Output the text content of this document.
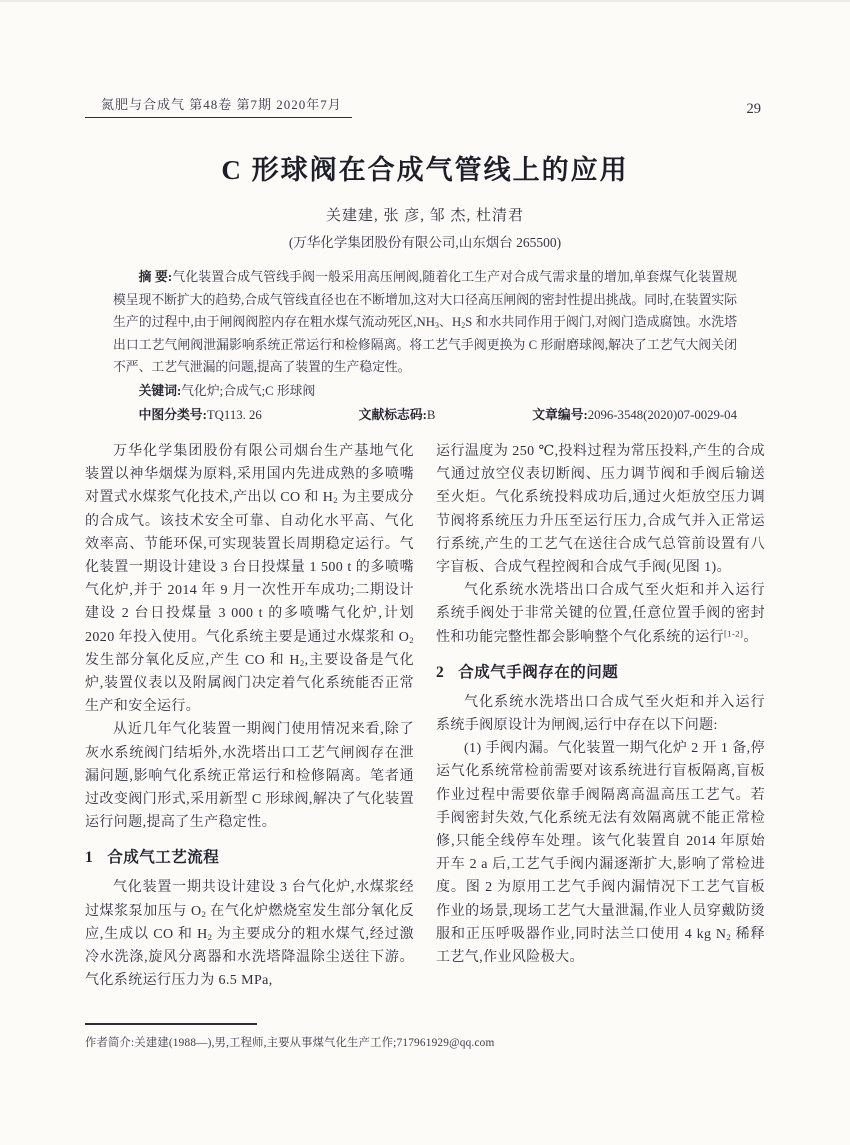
氮肥与合成气 第48卷 第7期 2020年7月	29
C 形球阀在合成气管线上的应用
关建建, 张 彦, 邹 杰, 杜清君
(万华化学集团股份有限公司,山东烟台 265500)

摘 要:气化装置合成气管线手阀一般采用高压闸阀,随着化工生产对合成气需求量的增加,单套煤气化装置规模呈现不断扩大的趋势,合成气管线直径也在不断增加,这对大口径高压闸阀的密封性提出挑战。同时,在装置实际生产的过程中,由于闸阀阀腔内存在粗水煤气流动死区$,NH_3$、$H_2S$ 和水共同作用于阀门,对阀门造成腐蚀。水洗塔出口工艺气闸阀泄漏影响系统正常运行和检修隔离。将工艺气手阀更换为 C 形耐磨球阀,解决了工艺气大阀关闭不严、工艺气泄漏的问题,提高了装置的生产稳定性。

关键词:气化炉;合成气;C 形球阀

中图分类号:TQ113. 26	文献标志码:B	文章编号:2096-3548(2020)07-0029-04

万华化学集团股份有限公司烟台生产基地气化装置以神华烟煤为原料,采用国内先进成熟的多喷嘴对置式水煤浆气化技术,产出以 CO 和 $H_2$ 为主要成分的合成气。该技术安全可靠、自动化水平高、气化效率高、节能环保,可实现装置长周期稳定运行。气化装置一期设计建设 3 台日投煤量 1 500 t 的多喷嘴气化炉,并于 2014 年 9 月一次性开车成功;二期设计建设 2 台日投煤量 3 000 t 的多喷嘴气化炉,计划 2020 年投入使用。气化系统主要是通过水煤浆和 $O_2$ 发生部分氧化反应,产生 CO 和 $H_2$,主要设备是气化炉,装置仪表以及附属阀门决定着气化系统能否正常生产和安全运行。

从近几年气化装置一期阀门使用情况来看,除了灰水系统阀门结垢外,水洗塔出口工艺气闸阀存在泄漏问题,影响气化系统正常运行和检修隔离。笔者通过改变阀门形式,采用新型 C 形球阀,解决了气化装置运行问题,提高了生产稳定性。

1 合成气工艺流程

气化装置一期共设计建设 3 台气化炉,水煤浆经过煤浆泵加压与 $O_2$ 在气化炉燃烧室发生部分氧化反应,生成以 CO 和 $H_2$ 为主要成分的粗水煤气,经过激冷水洗涤,旋风分离器和水洗塔降温除尘送往下游。气化系统运行压力为 6.5 MPa,

运行温度为 250 ℃,投料过程为常压投料,产生的合成气通过放空仪表切断阀、压力调节阀和手阀后输送至火炬。气化系统投料成功后,通过火炬放空压力调节阀将系统压力升压至运行压力,合成气并入正常运行系统,产生的工艺气在送往合成气总管前设置有八字盲板、合成气程控阀和合成气手阀(见图 1)。

气化系统水洗塔出口合成气至火炬和并入运行系统手阀处于非常关键的位置,任意位置手阀的密封性和功能完整性都会影响整个气化系统的运行[1-2]。

2 合成气手阀存在的问题

气化系统水洗塔出口合成气至火炬和并入运行系统手阀原设计为闸阀,运行中存在以下问题:

(1) 手阀内漏。气化装置一期气化炉 2 开 1 备,停运气化系统常检前需要对该系统进行盲板隔离,盲板作业过程中需要依靠手阀隔离高温高压工艺气。若手阀密封失效,气化系统无法有效隔离就不能正常检修,只能全线停车处理。该气化装置自 2014 年原始开车 2 a 后,工艺气手阀内漏逐渐扩大,影响了常检进度。图 2 为原用工艺气手阀内漏情况下工艺气盲板作业的场景,现场工艺气大量泄漏,作业人员穿戴防烫服和正压呼吸器作业,同时法兰口使用 4 kg $N_2$ 稀释工艺气,作业风险极大。

作者简介:关建建(1988—),男,工程师,主要从事煤气化生产工作;717961929@qq.com
